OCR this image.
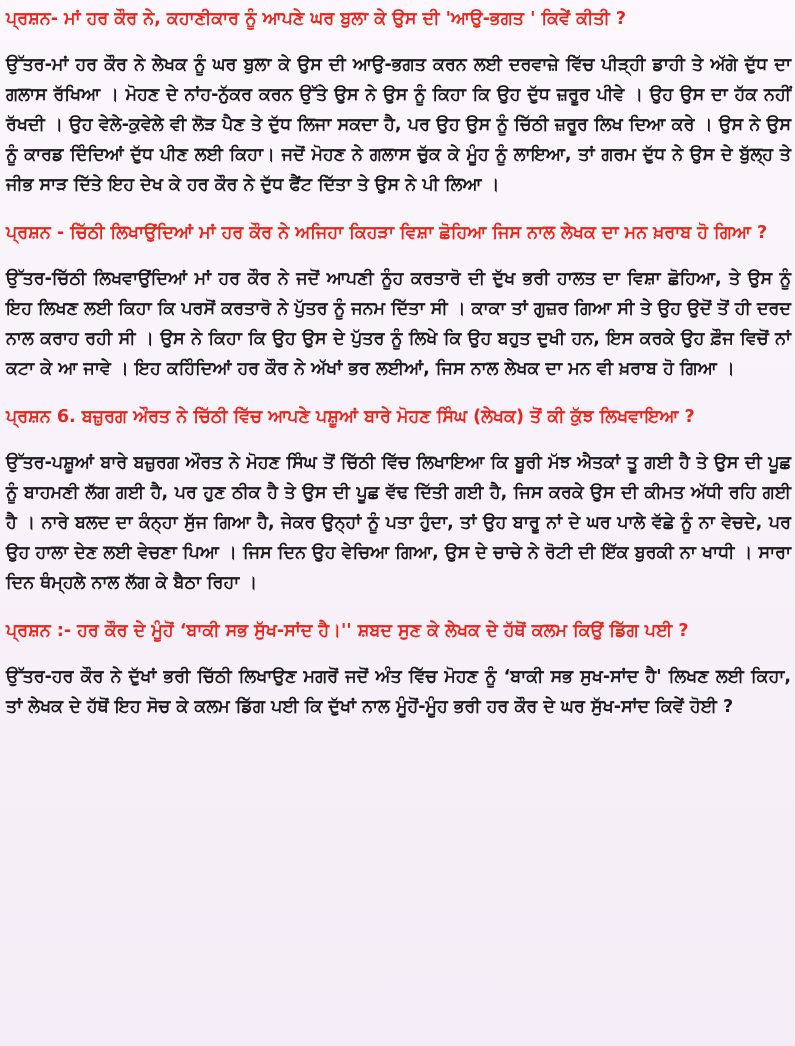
ਪ੍ਰਸ਼ਨ- ਮਾਂ ਹਰ ਕੌਰ ਨੇ, ਕਹਾਣੀਕਾਰ ਨੂੰ ਆਪਣੇ ਘਰ ਬੁਲਾ ਕੇ ਉਸ ਦੀ 'ਆਉ-ਭਗਤ ' ਕਿਵੇਂ ਕੀਤੀ ?

ਉੱਤਰ-ਮਾਂ ਹਰ ਕੌਰ ਨੇ ਲੇਖਕ ਨੂੰ ਘਰ ਬੁਲਾ ਕੇ ਉਸ ਦੀ ਆਉ-ਭਗਤ ਕਰਨ ਲਈ ਦਰਵਾਜ਼ੇ ਵਿੱਚ ਪੀੜ੍ਹੀ ਡਾਹੀ ਤੇ ਅੱਗੇ ਦੁੱਧ ਦਾ ਗਲਾਸ ਰੱਖਿਆ । ਮੋਹਣ ਦੇ ਨਾਂਹ-ਨੁੱਕਰ ਕਰਨ ਉੱਤੇ ਉਸ ਨੇ ਉਸ ਨੂੰ ਕਿਹਾ ਕਿ ਉਹ ਦੁੱਧ ਜ਼ਰੂਰ ਪੀਵੇ । ਉਹ ਉਸ ਦਾ ਹੱਕ ਨਹੀਂ ਰੱਖਦੀ । ਉਹ ਵੇਲੇ-ਕੁਵੇਲੇ ਵੀ ਲੋੜ ਪੈਣ ਤੇ ਦੁੱਧ ਲਿਜਾ ਸਕਦਾ ਹੈ, ਪਰ ਉਹ ਉਸ ਨੂੰ ਚਿੱਠੀ ਜ਼ਰੂਰ ਲਿਖ ਦਿਆ ਕਰੇ । ਉਸ ਨੇ ਉਸ ਨੂੰ ਕਾਰਡ ਦਿੰਦਿਆਂ ਦੁੱਧ ਪੀਣ ਲਈ ਕਿਹਾ। ਜਦੋਂ ਮੋਹਣ ਨੇ ਗਲਾਸ ਚੁੱਕ ਕੇ ਮੂੰਹ ਨੂੰ ਲਾਇਆ, ਤਾਂ ਗਰਮ ਦੁੱਧ ਨੇ ਉਸ ਦੇ ਬੁੱਲ੍ਹ ਤੇ ਜੀਭ ਸਾੜ ਦਿੱਤੇ ਇਹ ਦੇਖ ਕੇ ਹਰ ਕੌਰ ਨੇ ਦੁੱਧ ਫੈਂਟ ਦਿੱਤਾ ਤੇ ਉਸ ਨੇ ਪੀ ਲਿਆ ।

ਪ੍ਰਸ਼ਨ - ਚਿੱਠੀ ਲਿਖਾਉਂਦਿਆਂ ਮਾਂ ਹਰ ਕੌਰ ਨੇ ਅਜਿਹਾ ਕਿਹੜਾ ਵਿਸ਼ਾ ਛੋਹਿਆ ਜਿਸ ਨਾਲ ਲੇਖਕ ਦਾ ਮਨ ਖ਼ਰਾਬ ਹੋ ਗਿਆ ?

ਉੱਤਰ-ਚਿੱਠੀ ਲਿਖਵਾਉਂਦਿਆਂ ਮਾਂ ਹਰ ਕੌਰ ਨੇ ਜਦੋਂ ਆਪਣੀ ਨੂੰਹ ਕਰਤਾਰੋ ਦੀ ਦੁੱਖ ਭਰੀ ਹਾਲਤ ਦਾ ਵਿਸ਼ਾ ਛੋਹਿਆ, ਤੇ ਉਸ ਨੂੰ ਇਹ ਲਿਖਣ ਲਈ ਕਿਹਾ ਕਿ ਪਰਸੋਂ ਕਰਤਾਰੋ ਨੇ ਪੁੱਤਰ ਨੂੰ ਜਨਮ ਦਿੱਤਾ ਸੀ । ਕਾਕਾ ਤਾਂ ਗੁਜ਼ਰ ਗਿਆ ਸੀ ਤੇ ਉਹ ਉਦੋਂ ਤੋਂ ਹੀ ਦਰਦ ਨਾਲ ਕਰਾਹ ਰਹੀ ਸੀ । ਉਸ ਨੇ ਕਿਹਾ ਕਿ ਉਹ ਉਸ ਦੇ ਪੁੱਤਰ ਨੂੰ ਲਿਖੇ ਕਿ ਉਹ ਬਹੁਤ ਦੁਖੀ ਹਨ, ਇਸ ਕਰਕੇ ਉਹ ਫ਼ੌਜ ਵਿਚੋਂ ਨਾਂ ਕਟਾ ਕੇ ਆ ਜਾਵੇ । ਇਹ ਕਹਿੰਦਿਆਂ ਹਰ ਕੌਰ ਨੇ ਅੱਖਾਂ ਭਰ ਲਈਆਂ, ਜਿਸ ਨਾਲ ਲੇਖਕ ਦਾ ਮਨ ਵੀ ਖ਼ਰਾਬ ਹੋ ਗਿਆ ।

ਪ੍ਰਸ਼ਨ 6. ਬਜ਼ੁਰਗ ਔਰਤ ਨੇ ਚਿੱਠੀ ਵਿੱਚ ਆਪਣੇ ਪਸ਼ੂਆਂ ਬਾਰੇ ਮੋਹਣ ਸਿੰਘ (ਲੇਖਕ) ਤੋਂ ਕੀ ਕੁੱਝ ਲਿਖਵਾਇਆ ?

ਉੱਤਰ-ਪਸ਼ੂਆਂ ਬਾਰੇ ਬਜ਼ੁਰਗ ਔਰਤ ਨੇ ਮੋਹਣ ਸਿੰਘ ਤੋਂ ਚਿੱਠੀ ਵਿੱਚ ਲਿਖਾਇਆ ਕਿ ਬੂਰੀ ਮੱਝ ਐਤਕਾਂ ਤੂ ਗਈ ਹੈ ਤੇ ਉਸ ਦੀ ਪੂਛ ਨੂੰ ਬਾਹਮਣੀ ਲੱਗ ਗਈ ਹੈ, ਪਰ ਹੁਣ ਠੀਕ ਹੈ ਤੇ ਉਸ ਦੀ ਪੂਛ ਵੱਢ ਦਿੱਤੀ ਗਈ ਹੈ, ਜਿਸ ਕਰਕੇ ਉਸ ਦੀ ਕੀਮਤ ਅੱਧੀ ਰਹਿ ਗਈ ਹੈ । ਨਾਰੇ ਬਲਦ ਦਾ ਕੰਨ੍ਹਾ ਸੁੱਜ ਗਿਆ ਹੈ, ਜੇਕਰ ਉਨ੍ਹਾਂ ਨੂੰ ਪਤਾ ਹੁੰਦਾ, ਤਾਂ ਉਹ ਬਾਰੂ ਨਾਂ ਦੇ ਘਰ ਪਾਲੇ ਵੱਛੇ ਨੂੰ ਨਾ ਵੇਚਦੇ, ਪਰ ਉਹ ਹਾਲਾ ਦੇਣ ਲਈ ਵੇਚਣਾ ਪਿਆ । ਜਿਸ ਦਿਨ ਉਹ ਵੇਚਿਆ ਗਿਆ, ਉਸ ਦੇ ਚਾਚੇ ਨੇ ਰੋਟੀ ਦੀ ਇੱਕ ਬੁਰਕੀ ਨਾ ਖਾਧੀ । ਸਾਰਾ ਦਿਨ ਥੰਮ੍ਹਲੇ ਨਾਲ ਲੱਗ ਕੇ ਬੈਠਾ ਰਿਹਾ ।

ਪ੍ਰਸ਼ਨ :- ਹਰ ਕੌਰ ਦੇ ਮੂੰਹੋਂ ‘ਬਾਕੀ ਸਭ ਸੁੱਖ-ਸਾਂਦ ਹੈ।'' ਸ਼ਬਦ ਸੁਣ ਕੇ ਲੇਖਕ ਦੇ ਹੱਥੋਂ ਕਲਮ ਕਿਉਂ ਡਿੱਗ ਪਈ ?

ਉੱਤਰ-ਹਰ ਕੌਰ ਨੇ ਦੁੱਖਾਂ ਭਰੀ ਚਿੱਠੀ ਲਿਖਾਉਣ ਮਗਰੋਂ ਜਦੋਂ ਅੰਤ ਵਿੱਚ ਮੋਹਣ ਨੂੰ ‘ਬਾਕੀ ਸਭ ਸੁਖ-ਸਾਂਦ ਹੈ' ਲਿਖਣ ਲਈ ਕਿਹਾ, ਤਾਂ ਲੇਖਕ ਦੇ ਹੱਥੋਂ ਇਹ ਸੋਚ ਕੇ ਕਲਮ ਡਿੱਗ ਪਈ ਕਿ ਦੁੱਖਾਂ ਨਾਲ ਮੂੰਹੋਂ-ਮੂੰਹ ਭਰੀ ਹਰ ਕੌਰ ਦੇ ਘਰ ਸੁੱਖ-ਸਾਂਦ ਕਿਵੇਂ ਹੋਈ ?
